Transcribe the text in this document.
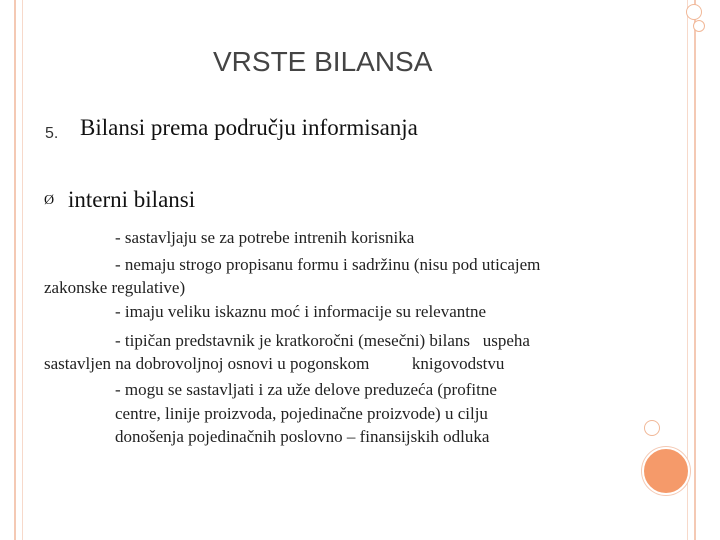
VRSTE BILANSA
5. Bilansi prema području informisanja
Ø interni bilansi
- sastavljaju se za potrebe intrenih korisnika
- nemaju strogo propisanu formu i sadržinu (nisu pod uticajem
zakonske regulative)
- imaju veliku iskaznu moć i informacije su relevantne
- tipičan predstavnik je kratkoročni (mesečni) bilans   uspeha
sastavljen na dobrovoljnoj osnovi u pogonskom          knigovodstvu
- mogu se sastavljati i za uže delove preduzeća (profitne
centre, linije proizvoda, pojedinačne proizvode) u cilju
donošenja pojedinačnih poslovno – finansijskih odluka
